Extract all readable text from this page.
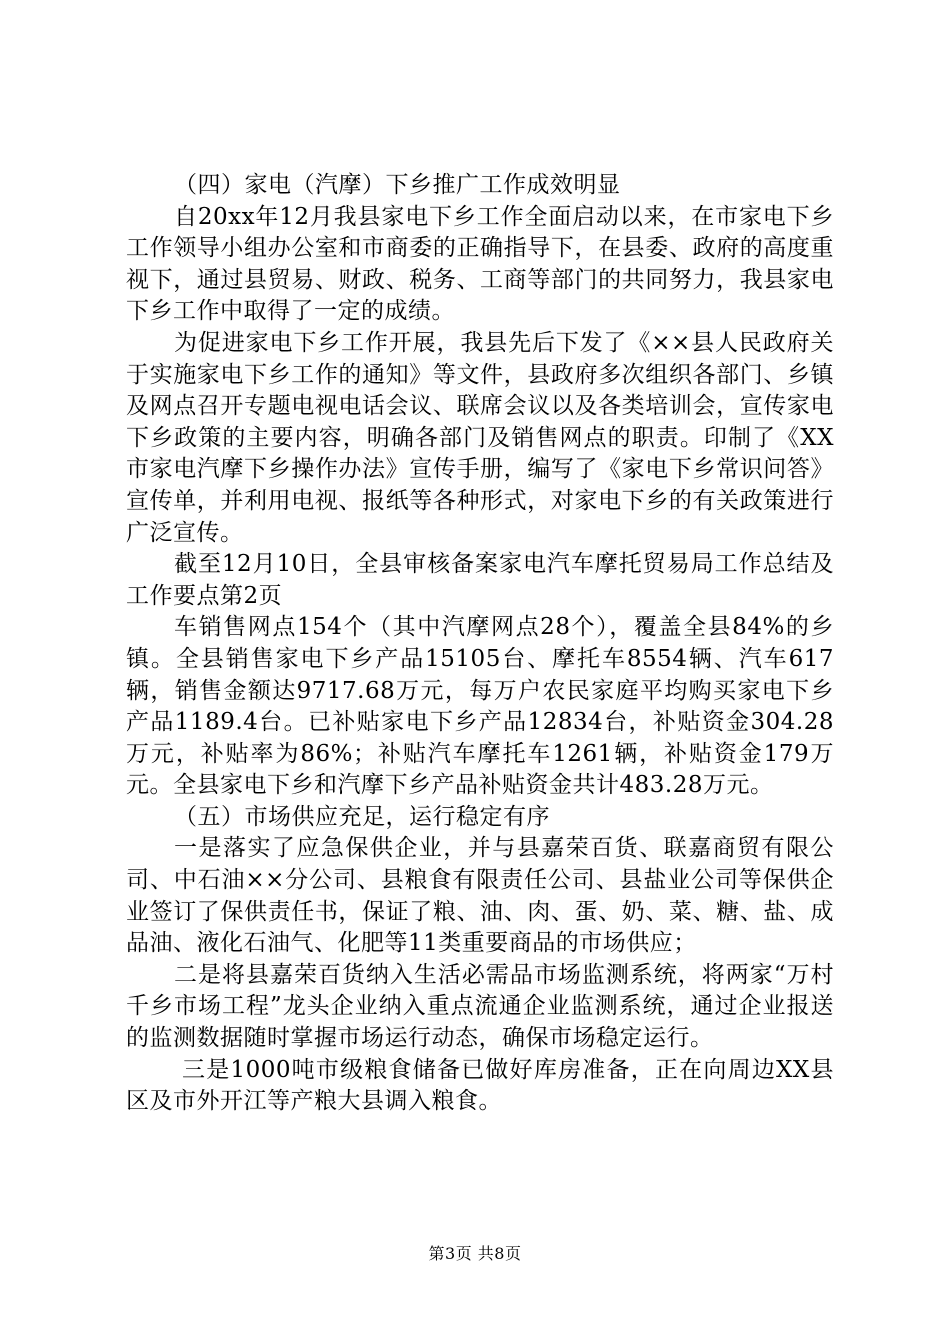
（四）家电（汽摩）下乡推广工作成效明显

自20xx年12月我县家电下乡工作全面启动以来，在市家电下乡工作领导小组办公室和市商委的正确指导下，在县委、政府的高度重视下，通过县贸易、财政、税务、工商等部门的共同努力，我县家电下乡工作中取得了一定的成绩。

为促进家电下乡工作开展，我县先后下发了《××县人民政府关于实施家电下乡工作的通知》等文件，县政府多次组织各部门、乡镇及网点召开专题电视电话会议、联席会议以及各类培训会，宣传家电下乡政策的主要内容，明确各部门及销售网点的职责。印制了《XX市家电汽摩下乡操作办法》宣传手册，编写了《家电下乡常识问答》宣传单，并利用电视、报纸等各种形式，对家电下乡的有关政策进行广泛宣传。

截至12月10日，全县审核备案家电汽车摩托贸易局工作总结及工作要点第2页

车销售网点154个（其中汽摩网点28个），覆盖全县84%的乡镇。全县销售家电下乡产品15105台、摩托车8554辆、汽车617辆，销售金额达9717.68万元，每万户农民家庭平均购买家电下乡产品1189.4台。已补贴家电下乡产品12834台，补贴资金304.28万元，补贴率为86%；补贴汽车摩托车1261辆，补贴资金179万元。全县家电下乡和汽摩下乡产品补贴资金共计483.28万元。

（五）市场供应充足，运行稳定有序

一是落实了应急保供企业，并与县嘉荣百货、联嘉商贸有限公司、中石油××分公司、县粮食有限责任公司、县盐业公司等保供企业签订了保供责任书，保证了粮、油、肉、蛋、奶、菜、糖、盐、成品油、液化石油气、化肥等11类重要商品的市场供应；

二是将县嘉荣百货纳入生活必需品市场监测系统，将两家“万村千乡市场工程”龙头企业纳入重点流通企业监测系统，通过企业报送的监测数据随时掌握市场运行动态，确保市场稳定运行。

三是1000吨市级粮食储备已做好库房准备，正在向周边XX县区及市外开江等产粮大县调入粮食。

第3页 共8页
